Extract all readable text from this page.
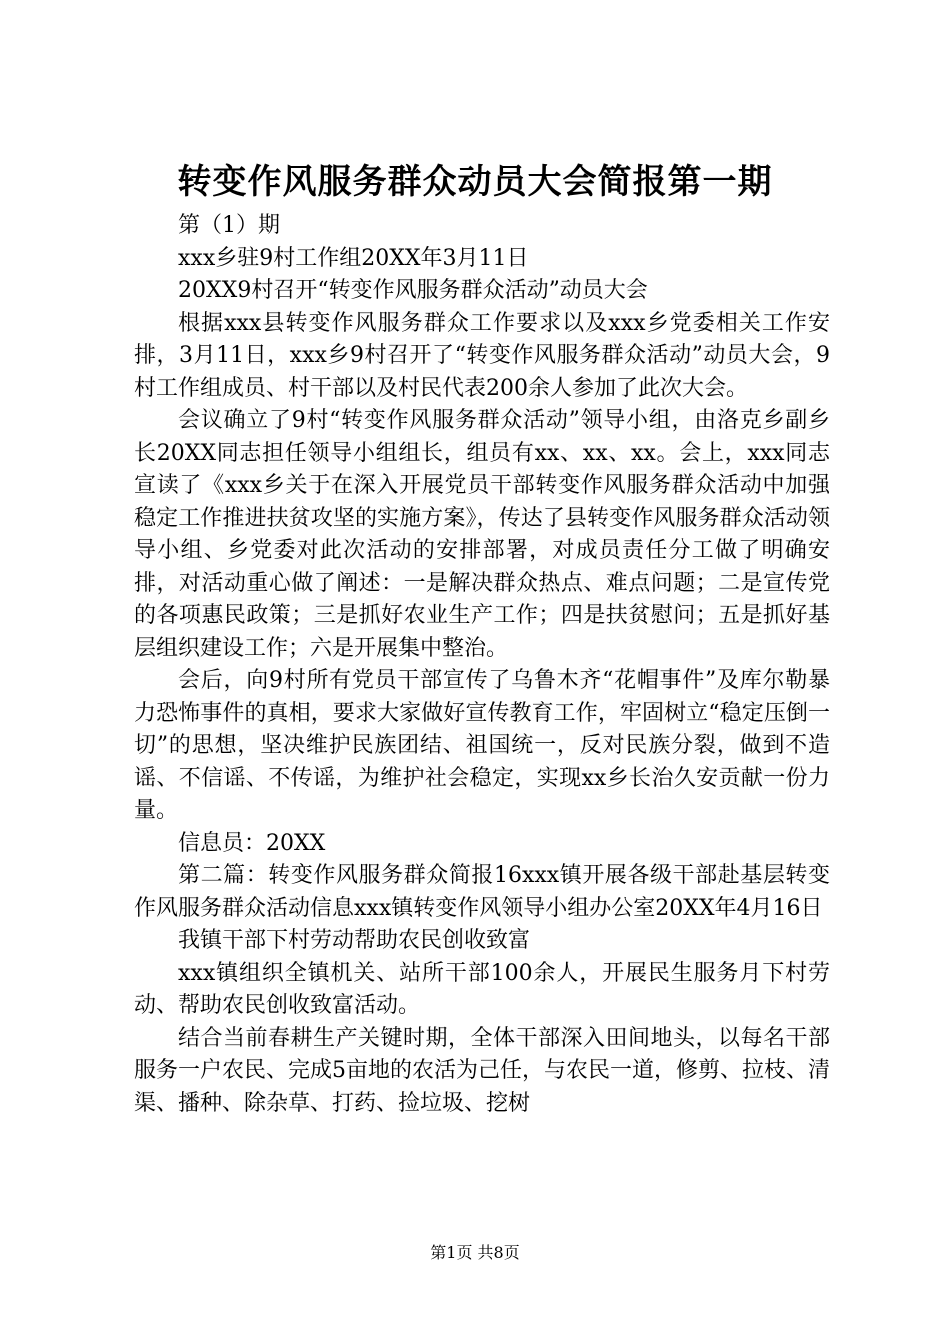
转变作风服务群众动员大会简报第一期

第（1）期

xxx乡驻9村工作组20XX年3月11日

20XX9村召开“转变作风服务群众活动”动员大会

根据xxx县转变作风服务群众工作要求以及xxx乡党委相关工作安排，3月11日，xxx乡9村召开了“转变作风服务群众活动”动员大会，9村工作组成员、村干部以及村民代表200余人参加了此次大会。

会议确立了9村“转变作风服务群众活动”领导小组，由洛克乡副乡长20XX同志担任领导小组组长，组员有xx、xx、xx。会上，xxx同志宣读了《xxx乡关于在深入开展党员干部转变作风服务群众活动中加强稳定工作推进扶贫攻坚的实施方案》，传达了县转变作风服务群众活动领导小组、乡党委对此次活动的安排部署，对成员责任分工做了明确安排，对活动重心做了阐述：一是解决群众热点、难点问题；二是宣传党的各项惠民政策；三是抓好农业生产工作；四是扶贫慰问；五是抓好基层组织建设工作；六是开展集中整治。

会后，向9村所有党员干部宣传了乌鲁木齐“花帽事件”及库尔勒暴力恐怖事件的真相，要求大家做好宣传教育工作，牢固树立“稳定压倒一切”的思想，坚决维护民族团结、祖国统一，反对民族分裂，做到不造谣、不信谣、不传谣，为维护社会稳定，实现xx乡长治久安贡献一份力量。

信息员：20XX

第二篇：转变作风服务群众简报16xxx镇开展各级干部赴基层转变作风服务群众活动信息xxx镇转变作风领导小组办公室20XX年4月16日

我镇干部下村劳动帮助农民创收致富

xxx镇组织全镇机关、站所干部100余人，开展民生服务月下村劳动、帮助农民创收致富活动。

结合当前春耕生产关键时期，全体干部深入田间地头，以每名干部服务一户农民、完成5亩地的农活为己任，与农民一道，修剪、拉枝、清渠、播种、除杂草、打药、捡垃圾、挖树

第1页 共8页
